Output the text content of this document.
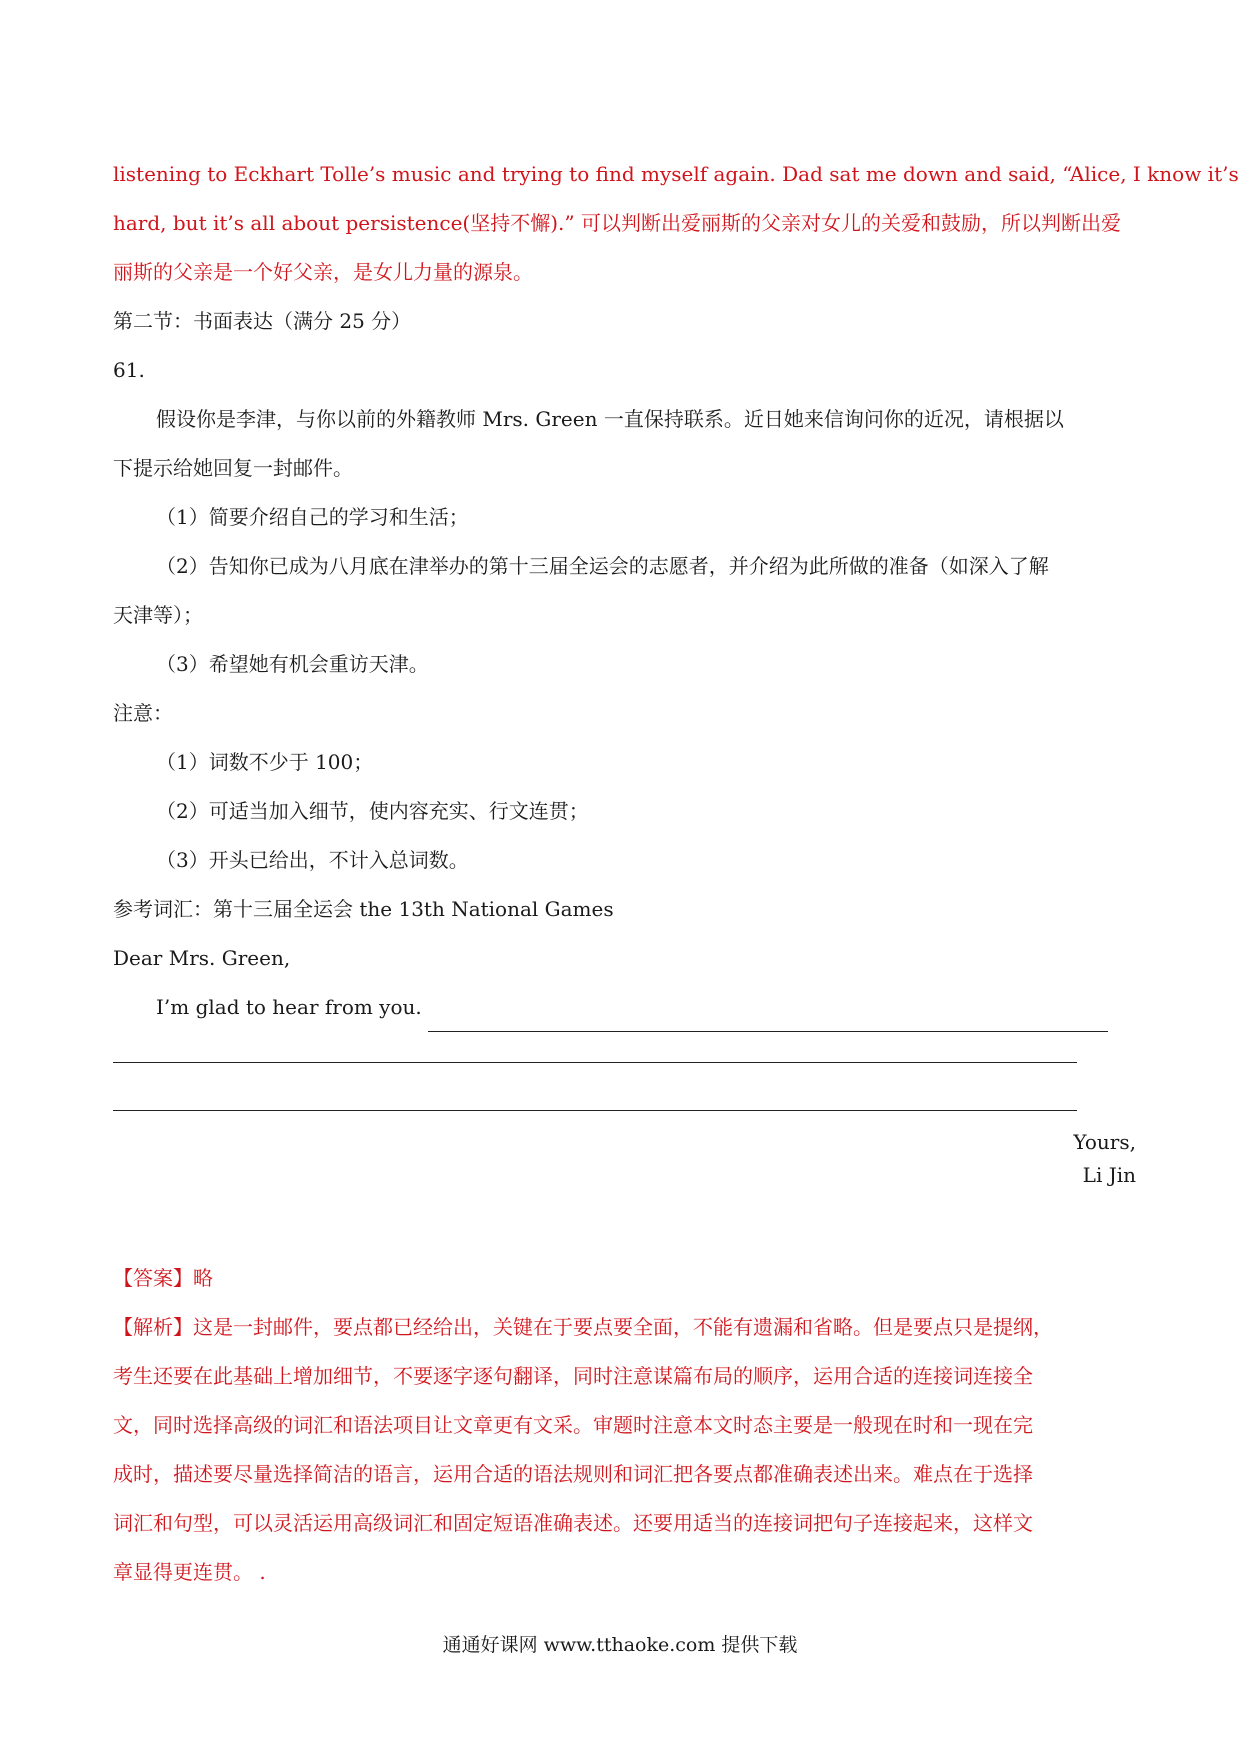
listening to Eckhart Tolle’s music and trying to find myself again. Dad sat me down and said, “Alice, I know it’s
hard, but it’s all about persistence(坚持不懈).” 可以判断出爱丽斯的父亲对女儿的关爱和鼓励，所以判断出爱
丽斯的父亲是一个好父亲，是女儿力量的源泉。
第二节：书面表达（满分 25 分）
61.
假设你是李津，与你以前的外籍教师 Mrs. Green 一直保持联系。近日她来信询问你的近况，请根据以
下提示给她回复一封邮件。
（1）简要介绍自己的学习和生活；
（2）告知你已成为八月底在津举办的第十三届全运会的志愿者，并介绍为此所做的准备（如深入了解
天津等）；
（3）希望她有机会重访天津。
注意：
（1）词数不少于 100；
（2）可适当加入细节，使内容充实、行文连贯；
（3）开头已给出，不计入总词数。
参考词汇：第十三届全运会 the 13th National Games
Dear Mrs. Green,
I’m glad to hear from you.
Yours,
Li Jin
【答案】略
【解析】这是一封邮件，要点都已经给出，关键在于要点要全面，不能有遗漏和省略。但是要点只是提纲，
考生还要在此基础上增加细节，不要逐字逐句翻译，同时注意谋篇布局的顺序，运用合适的连接词连接全
文，同时选择高级的词汇和语法项目让文章更有文采。审题时注意本文时态主要是一般现在时和一现在完
成时，描述要尽量选择简洁的语言，运用合适的语法规则和词汇把各要点都准确表述出来。难点在于选择
词汇和句型，可以灵活运用高级词汇和固定短语准确表述。还要用适当的连接词把句子连接起来，这样文
章显得更连贯。 .
通通好课网 www.tthaoke.com 提供下载
